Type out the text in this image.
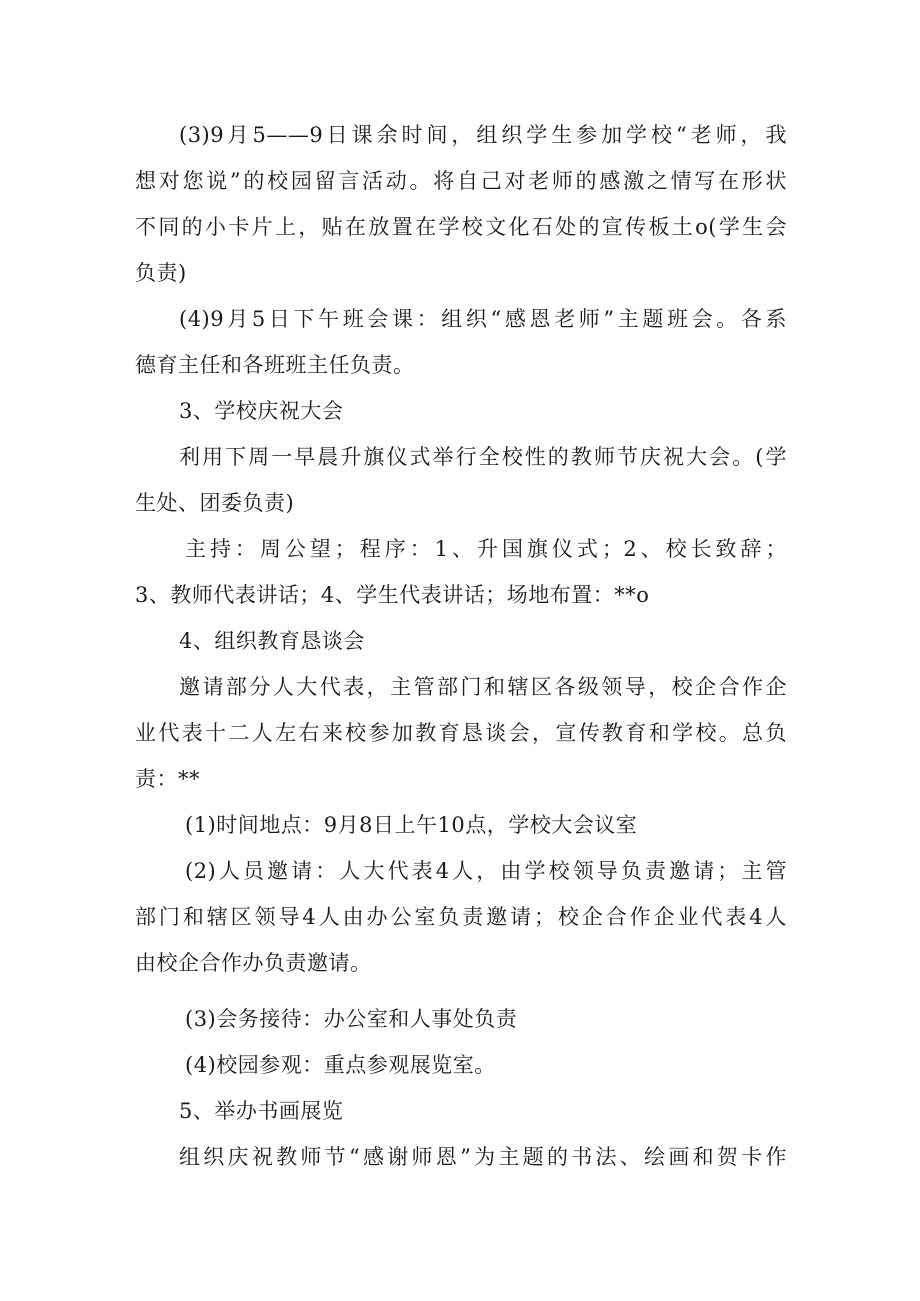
(3)9月5——9日课余时间，组织学生参加学校“老师，我
想对您说”的校园留言活动。将自己对老师的感激之情写在形状
不同的小卡片上，贴在放置在学校文化石处的宣传板土o(学生会
负责)
(4)9月5日下午班会课：组织“感恩老师”主题班会。各系
德育主任和各班班主任负责。
3、学校庆祝大会
利用下周一早晨升旗仪式举行全校性的教师节庆祝大会。(学
生处、团委负责)
主持：周公望；程序：1、升国旗仪式；2、校长致辞；
3、教师代表讲话；4、学生代表讲话；场地布置：**o
4、组织教育恳谈会
邀请部分人大代表，主管部门和辖区各级领导，校企合作企
业代表十二人左右来校参加教育恳谈会，宣传教育和学校。总负
责：**
(1)时间地点：9月8日上午10点，学校大会议室
(2)人员邀请：人大代表4人，由学校领导负责邀请；主管
部门和辖区领导4人由办公室负责邀请；校企合作企业代表4人
由校企合作办负责邀请。
(3)会务接待：办公室和人事处负责
(4)校园参观：重点参观展览室。
5、举办书画展览
组织庆祝教师节“感谢师恩”为主题的书法、绘画和贺卡作
